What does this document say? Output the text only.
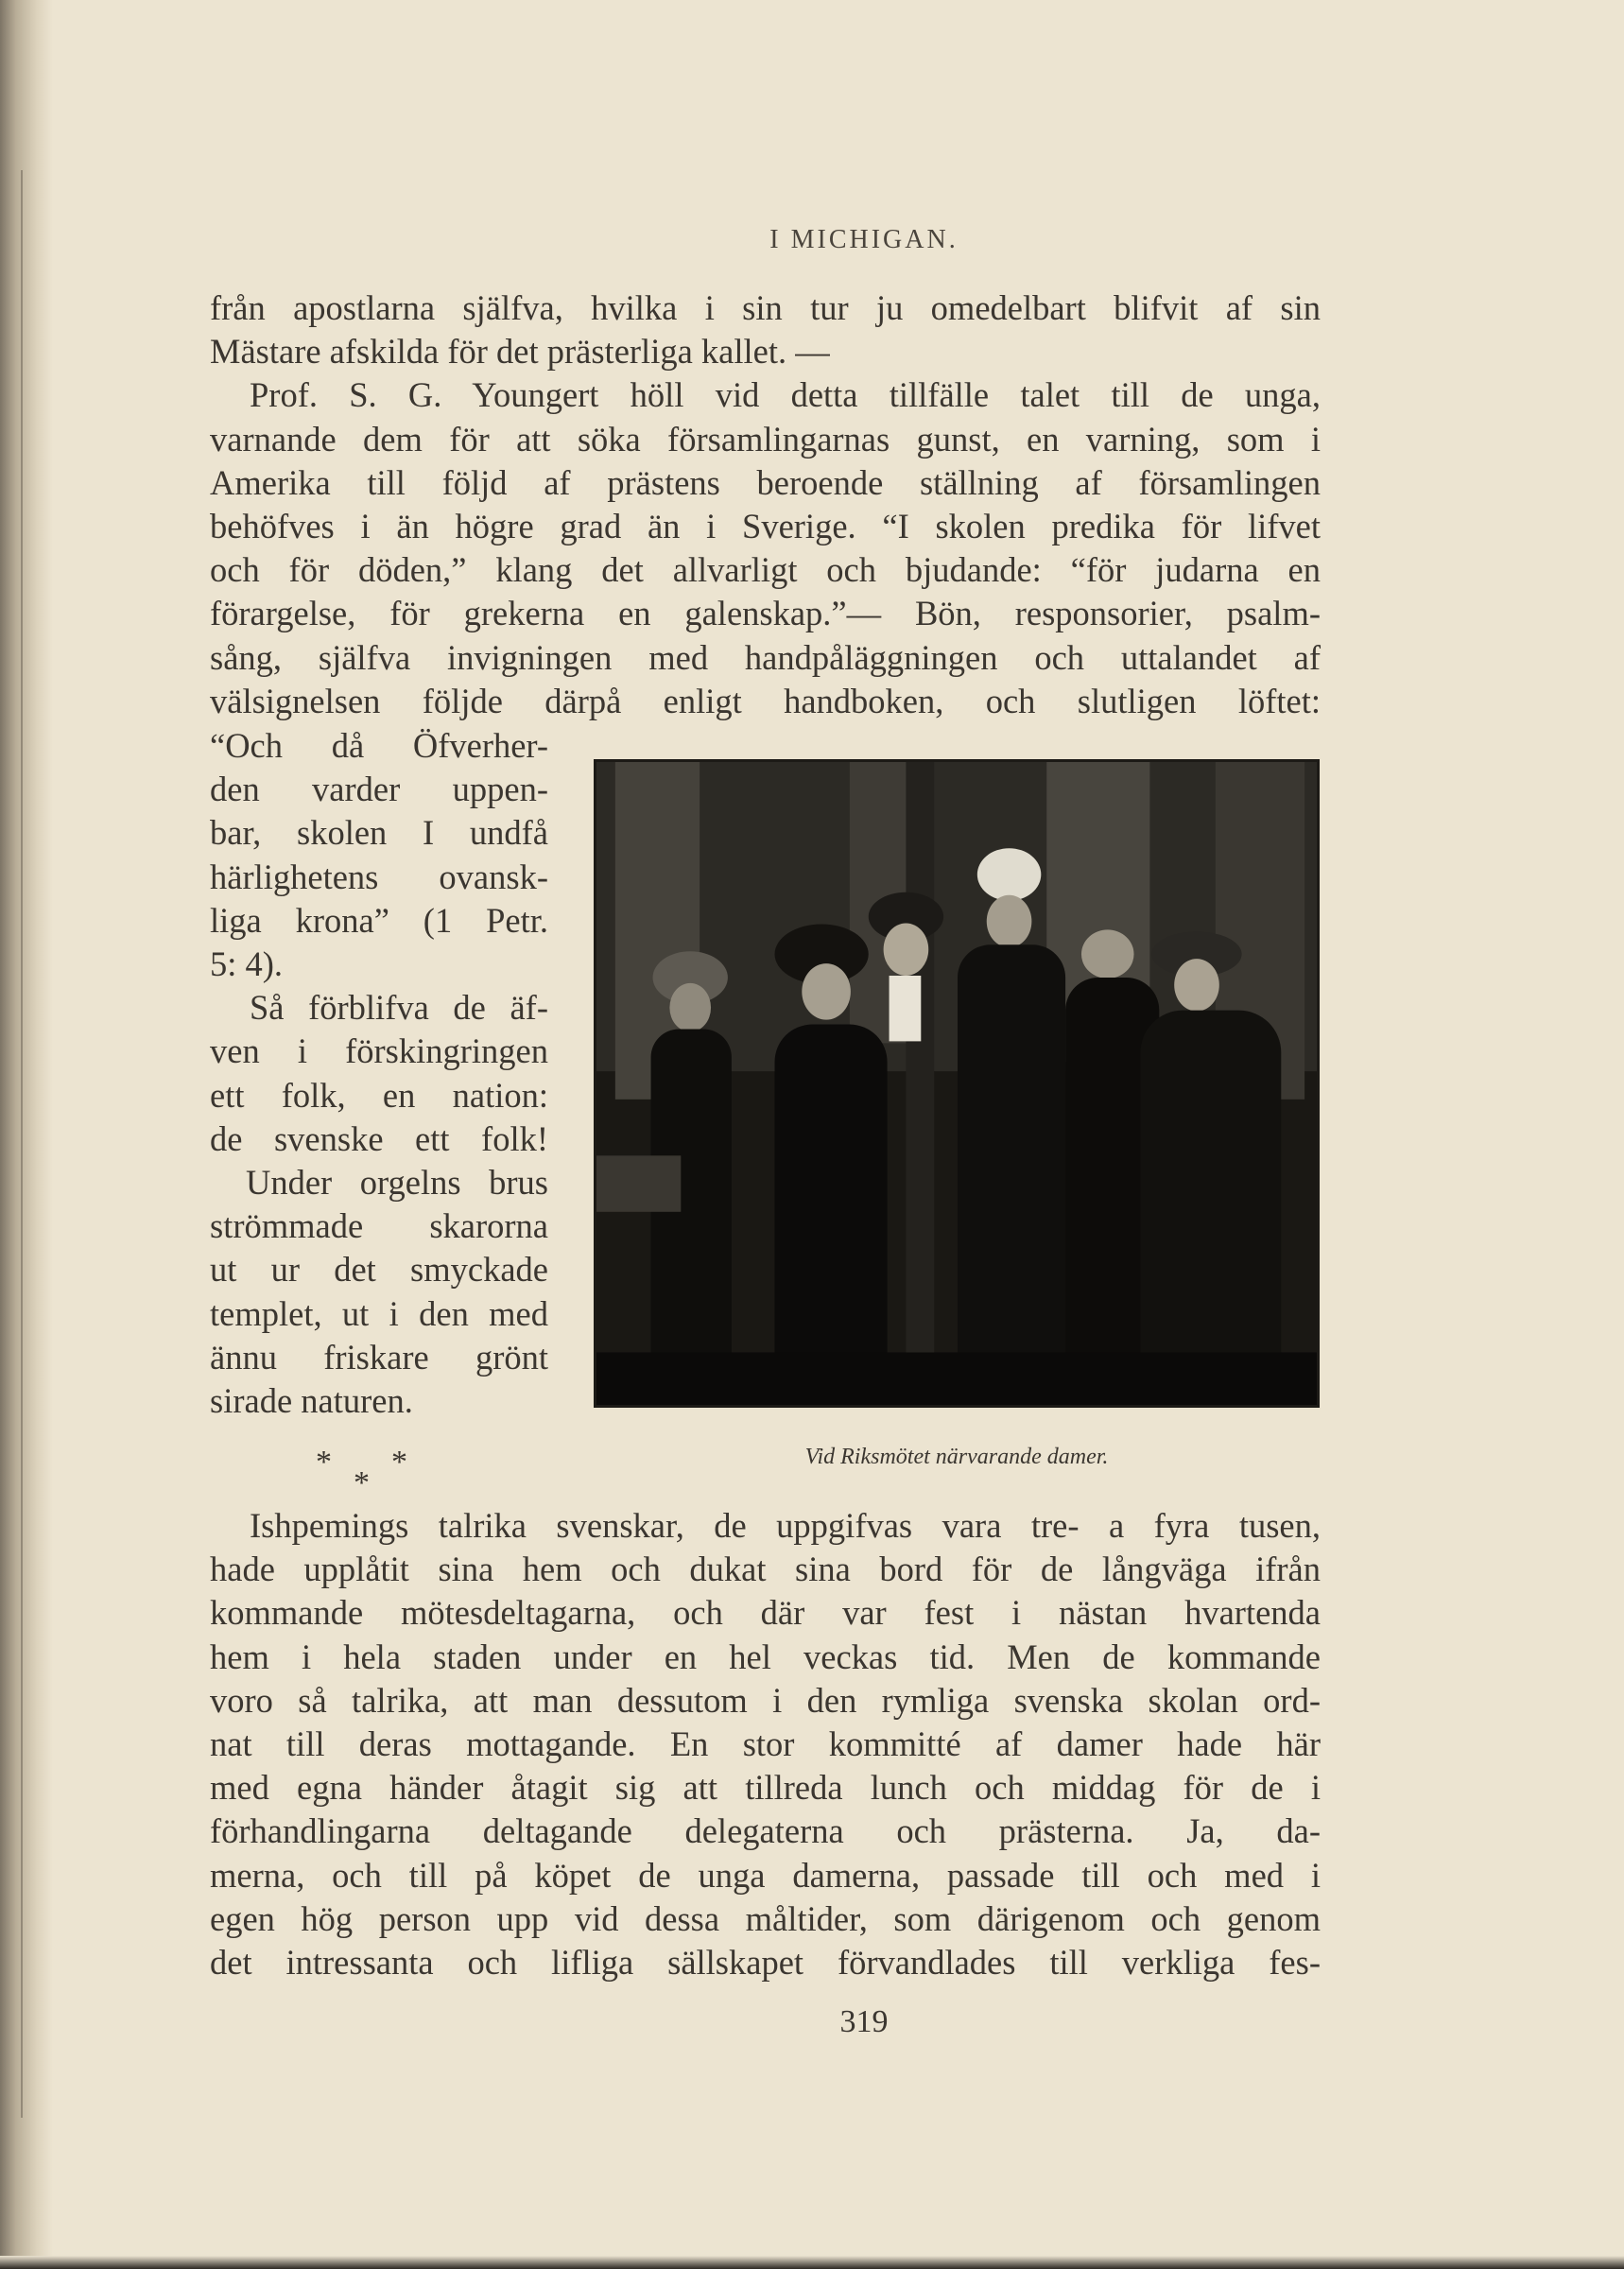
I MICHIGAN.
från apostlarna själfva, hvilka i sin tur ju omedelbart blifvit af sin
Mästare afskilda för det prästerliga kallet. —
Prof. S. G. Youngert höll vid detta tillfälle talet till de unga,
varnande dem för att söka församlingarnas gunst, en varning, som i
Amerika till följd af prästens beroende ställning af församlingen
behöfves i än högre grad än i Sverige. “I skolen predika för lifvet
och för döden,” klang det allvarligt och bjudande: “för judarna en
förargelse, för grekerna en galenskap.”— Bön, responsorier, psalm-
sång, själfva invigningen med handpåläggningen och uttalandet af
välsignelsen följde därpå enligt handboken, och slutligen löftet:
“Och då Öfverher-
den varder uppen-
bar, skolen I undfå
härlighetens ovansk-
liga krona” (1 Petr.
5: 4).
Så förblifva de äf-
ven i förskingringen
ett folk, en nation:
de svenske ett folk!
Under orgelns brus
strömmade skarorna
ut ur det smyckade
templet, ut i den med
ännu friskare grönt
sirade naturen.
Vid Riksmötet närvarande damer.
*
*
*
Ishpemings talrika svenskar, de uppgifvas vara tre- a fyra tusen,
hade upplåtit sina hem och dukat sina bord för de långväga ifrån
kommande mötesdeltagarna, och där var fest i nästan hvartenda
hem i hela staden under en hel veckas tid. Men de kommande
voro så talrika, att man dessutom i den rymliga svenska skolan ord-
nat till deras mottagande. En stor kommitté af damer hade här
med egna händer åtagit sig att tillreda lunch och middag för de i
förhandlingarna deltagande delegaterna och prästerna. Ja, da-
merna, och till på köpet de unga damerna, passade till och med i
egen hög person upp vid dessa måltider, som därigenom och genom
det intressanta och lifliga sällskapet förvandlades till verkliga fes-
319
